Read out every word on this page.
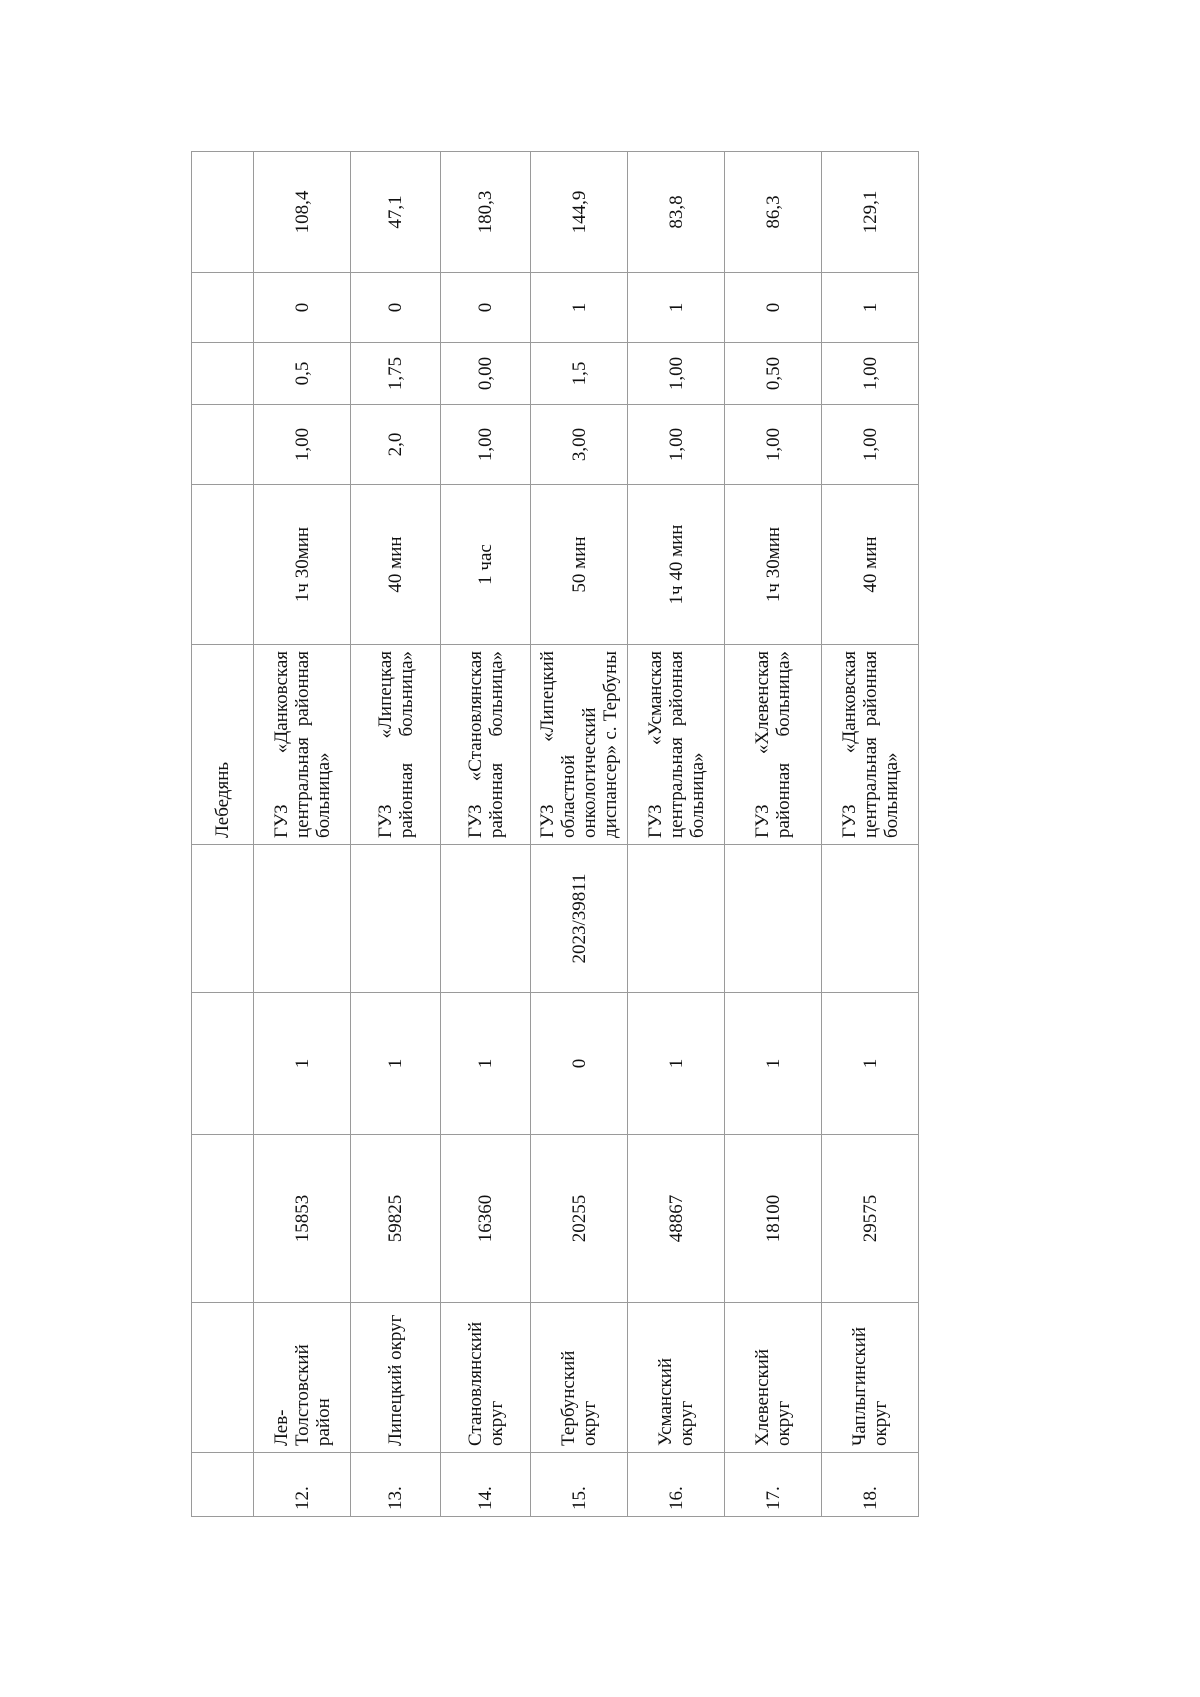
					Лебедянь					
12.	Лев-Толстовский район	15853	1		ГУЗ «Данковская центральная районная больница»	1ч 30мин	1,00	0,5	0	108,4
13.	Липецкий округ	59825	1		ГУЗ «Липецкая районная больница»	40 мин	2,0	1,75	0	47,1
14.	Становлянский округ	16360	1		ГУЗ «Становлянская районная больница»	1 час	1,00	0,00	0	180,3
15.	Тербунский округ	20255	0	2023/39811	ГУЗ «Липецкий областной онкологический диспансер» с. Тербуны	50 мин	3,00	1,5	1	144,9
16.	Усманский округ	48867	1		ГУЗ «Усманская центральная районная больница»	1ч 40 мин	1,00	1,00	1	83,8
17.	Хлевенский округ	18100	1		ГУЗ «Хлевенская районная больница»	1ч 30мин	1,00	0,50	0	86,3
18.	Чаплыгинский округ	29575	1		ГУЗ «Данковская центральная районная больница»	40 мин	1,00	1,00	1	129,1
